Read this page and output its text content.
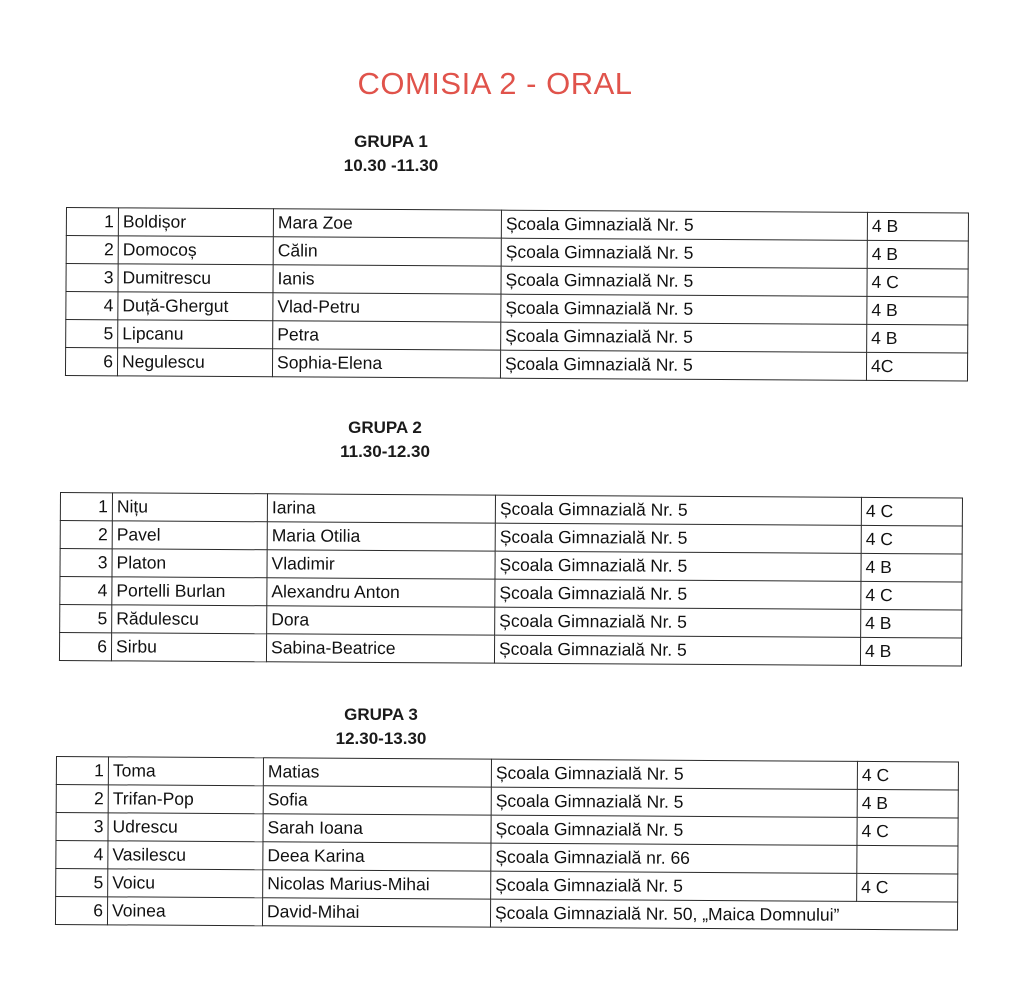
COMISIA 2 - ORAL
GRUPA 1
10.30 -11.30
1	Boldișor	Mara Zoe	Școala Gimnazială Nr. 5	4 B
2	Domocoș	Călin	Școala Gimnazială Nr. 5	4 B
3	Dumitrescu	Ianis	Școala Gimnazială Nr. 5	4 C
4	Duță-Ghergut	Vlad-Petru	Școala Gimnazială Nr. 5	4 B
5	Lipcanu	Petra	Școala Gimnazială Nr. 5	4 B
6	Negulescu	Sophia-Elena	Școala Gimnazială Nr. 5	4C
GRUPA 2
11.30-12.30
1	Nițu	Iarina	Școala Gimnazială Nr. 5	4 C
2	Pavel	Maria Otilia	Școala Gimnazială Nr. 5	4 C
3	Platon	Vladimir	Școala Gimnazială Nr. 5	4 B
4	Portelli Burlan	Alexandru Anton	Școala Gimnazială Nr. 5	4 C
5	Rădulescu	Dora	Școala Gimnazială Nr. 5	4 B
6	Sirbu	Sabina-Beatrice	Școala Gimnazială Nr. 5	4 B
GRUPA 3
12.30-13.30
1	Toma	Matias	Școala Gimnazială Nr. 5	4 C
2	Trifan-Pop	Sofia	Școala Gimnazială Nr. 5	4 B
3	Udrescu	Sarah Ioana	Școala Gimnazială Nr. 5	4 C
4	Vasilescu	Deea Karina	Școala Gimnazială nr. 66	
5	Voicu	Nicolas Marius-Mihai	Școala Gimnazială Nr. 5	4 C
6	Voinea	David-Mihai	Școala Gimnazială Nr. 50, „Maica Domnului”	
